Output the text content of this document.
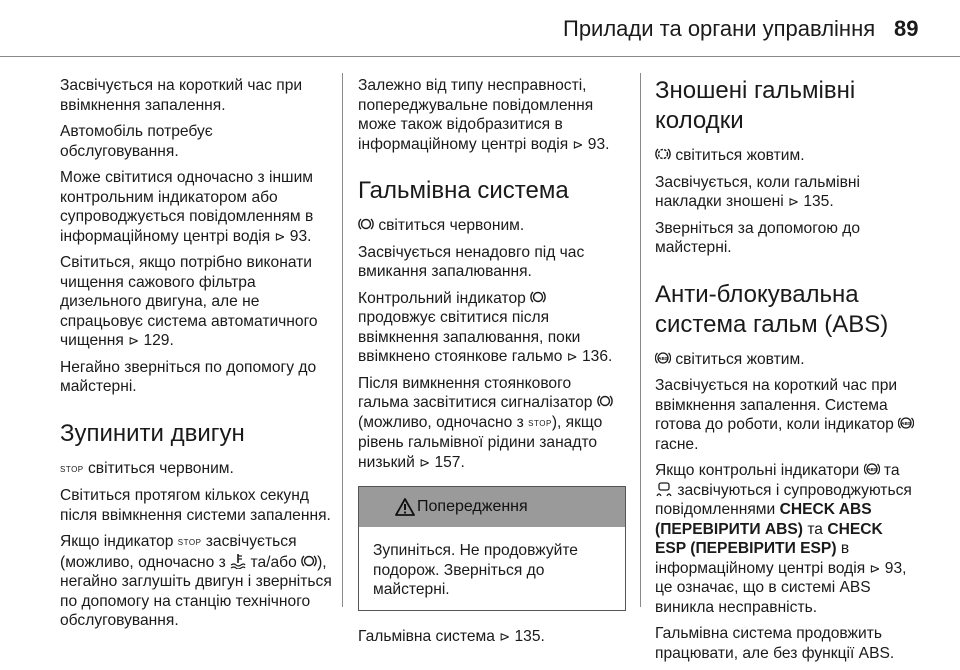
Прилади та органи управління 89

Засвічується на короткий час при ввімкнення запалення.

Автомобіль потребує обслуговування.

Може світитися одночасно з іншим контрольним індикатором або супроводжується повідомленням в інформаційному центрі водія ⊳ 93.

Світиться, якщо потрібно виконати чищення сажового фільтра дизельного двигуна, але не спрацьовує система автоматичного чищення ⊳ 129.

Негайно зверніться по допомогу до майстерні.

Зупинити двигун

STOP світиться червоним.

Світиться протягом кількох секунд після ввімкнення системи запалення.

Якщо індикатор STOP засвічується (можливо, одночасно з та/або ), негайно заглушіть двигун і зверніться по допомогу на станцію технічного обслуговування.

Залежно від типу несправності, попереджувальне повідомлення може також відобразитися в інформаційному центрі водія ⊳ 93.

Гальмівна система

світиться червоним.

Засвічується ненадовго під час вмикання запалювання.

Контрольний індикатор  продовжує світитися після ввімкнення запалювання, поки ввімкнено стоянкове гальмо ⊳ 136.

Після вимкнення стоянкового гальма засвітитися сигналізатор  (можливо, одночасно з STOP), якщо рівень гальмівної рідини занадто низький ⊳ 157.

Попередження

Зупиніться. Не продовжуйте подорож. Зверніться до майстерні.

Гальмівна система ⊳ 135.

Зношені гальмівні колодки

світиться жовтим.

Засвічується, коли гальмівні накладки зношені ⊳ 135.

Зверніться за допомогою до майстерні.

Анти-блокувальна система гальм (ABS)

ABS світиться жовтим.

Засвічується на короткий час при ввімкнення запалення. Система готова до роботи, коли індикатор ABS
гасне.

Якщо контрольні індикатори ABS та  засвічуються і супроводжуються повідомленнями CHECK ABS (ПЕРЕВІРИТИ ABS) та CHECK ESP (ПЕРЕВІРИТИ ESP) в інформаційному центрі водія ⊳ 93, це означає, що в системі ABS виникла несправність.

Гальмівна система продовжить працювати, але без функції ABS.
